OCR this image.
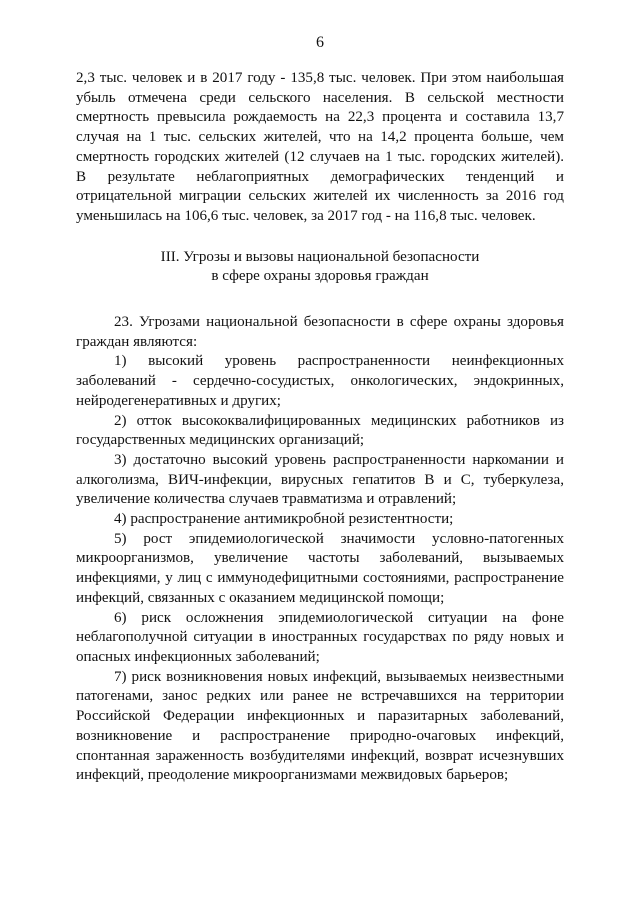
6

2,3 тыс. человек и в 2017 году - 135,8 тыс. человек. При этом наибольшая убыль отмечена среди сельского населения. В сельской местности смертность превысила рождаемость на 22,3 процента и составила 13,7 случая на 1 тыс. сельских жителей, что на 14,2 процента больше, чем смертность городских жителей (12 случаев на 1 тыс. городских жителей). В результате неблагоприятных демографических тенденций и отрицательной миграции сельских жителей их численность за 2016 год уменьшилась на 106,6 тыс. человек, за 2017 год - на 116,8 тыс. человек.

III. Угрозы и вызовы национальной безопасности
в сфере охраны здоровья граждан

23. Угрозами национальной безопасности в сфере охраны здоровья граждан являются:

1) высокий уровень распространенности неинфекционных заболеваний - сердечно-сосудистых, онкологических, эндокринных, нейродегенеративных и других;

2) отток высококвалифицированных медицинских работников из государственных медицинских организаций;

3) достаточно высокий уровень распространенности наркомании и алкоголизма, ВИЧ-инфекции, вирусных гепатитов B и C, туберкулеза, увеличение количества случаев травматизма и отравлений;

4) распространение антимикробной резистентности;

5) рост эпидемиологической значимости условно-патогенных микроорганизмов, увеличение частоты заболеваний, вызываемых инфекциями, у лиц с иммунодефицитными состояниями, распространение инфекций, связанных с оказанием медицинской помощи;

6) риск осложнения эпидемиологической ситуации на фоне неблагополучной ситуации в иностранных государствах по ряду новых и опасных инфекционных заболеваний;

7) риск возникновения новых инфекций, вызываемых неизвестными патогенами, занос редких или ранее не встречавшихся на территории Российской Федерации инфекционных и паразитарных заболеваний, возникновение и распространение природно-очаговых инфекций, спонтанная зараженность возбудителями инфекций, возврат исчезнувших инфекций, преодоление микроорганизмами межвидовых барьеров;
